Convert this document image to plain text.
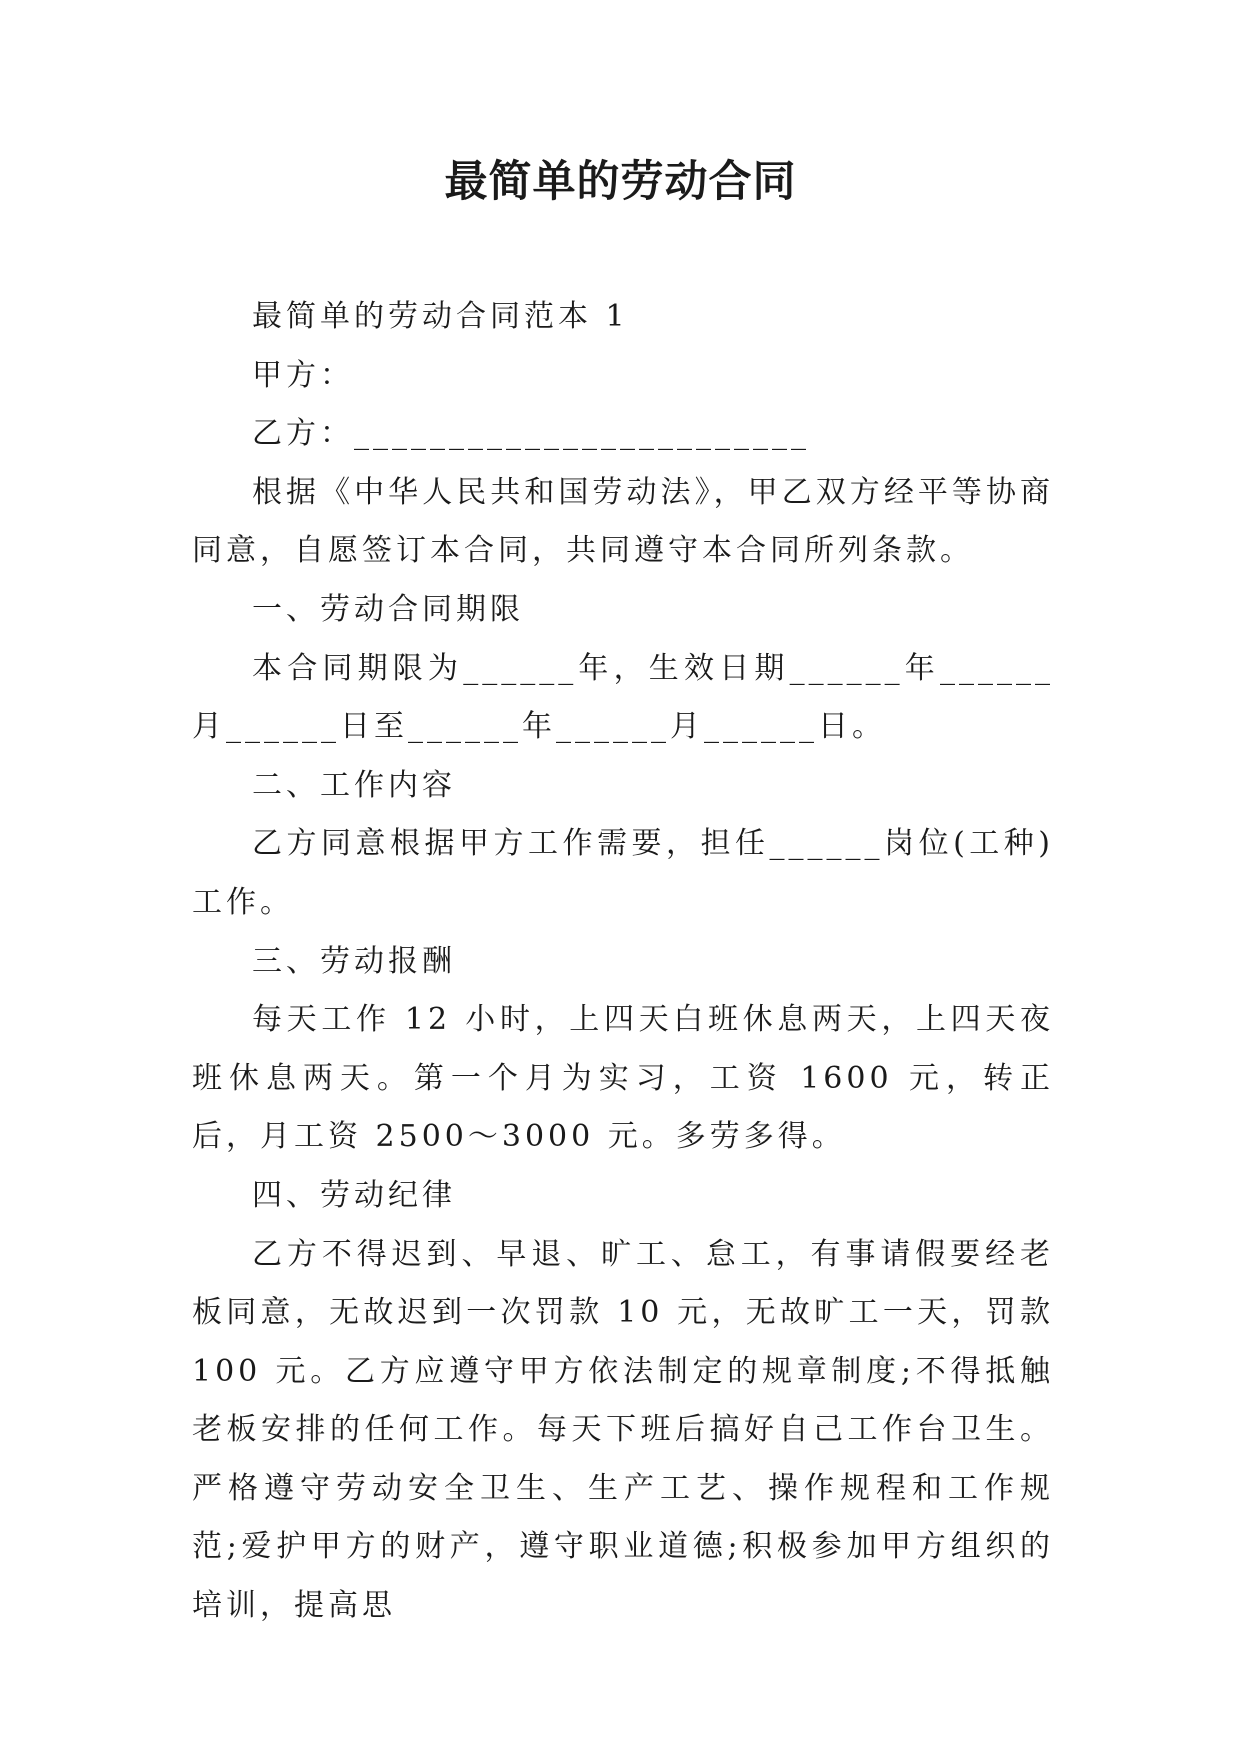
最简单的劳动合同

最简单的劳动合同范本 1

甲方：

乙方：________________________

根据《中华人民共和国劳动法》，甲乙双方经平等协商同意，自愿签订本合同，共同遵守本合同所列条款。

一、劳动合同期限

本合同期限为______年，生效日期______年______月______日至______年______月______日。

二、工作内容

乙方同意根据甲方工作需要，担任______岗位(工种)工作。

三、劳动报酬

每天工作 12 小时，上四天白班休息两天，上四天夜班休息两天。第一个月为实习，工资 1600 元，转正后，月工资 2500～3000 元。多劳多得。

四、劳动纪律

乙方不得迟到、早退、旷工、怠工，有事请假要经老板同意，无故迟到一次罚款 10 元，无故旷工一天，罚款 100 元。乙方应遵守甲方依法制定的规章制度;不得抵触老板安排的任何工作。每天下班后搞好自己工作台卫生。严格遵守劳动安全卫生、生产工艺、操作规程和工作规范;爱护甲方的财产，遵守职业道德;积极参加甲方组织的培训，提高思
